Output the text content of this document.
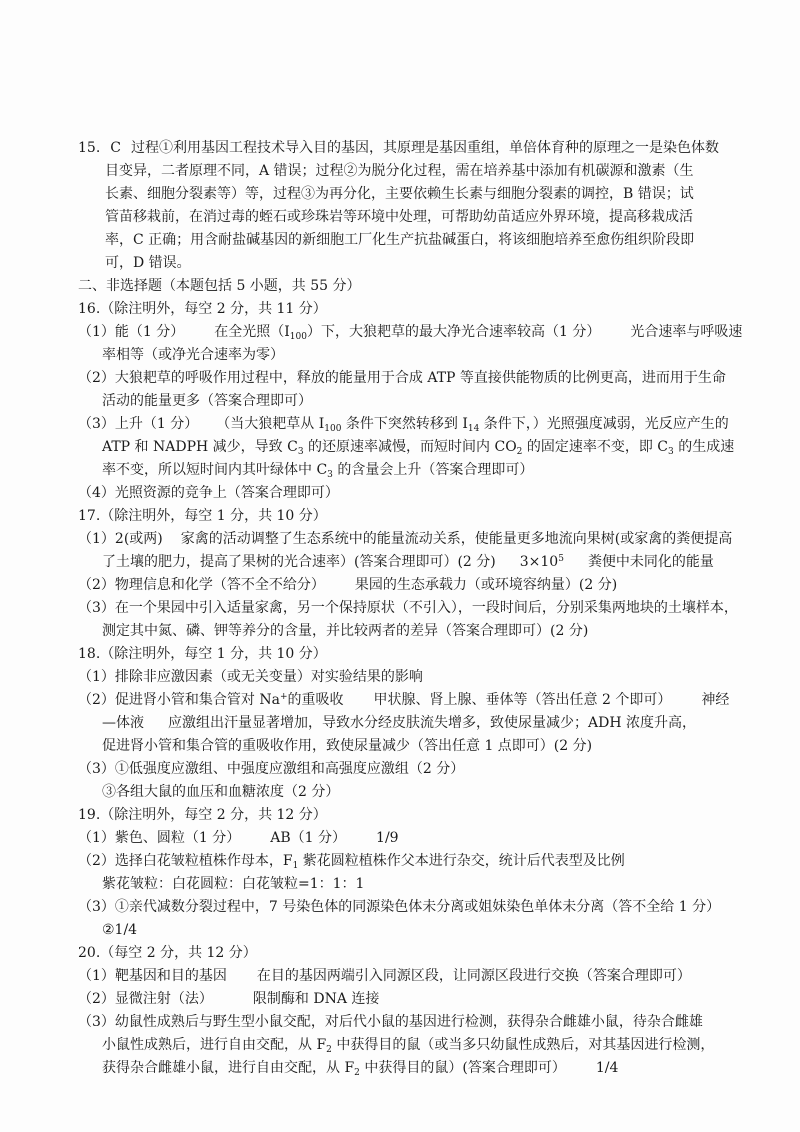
15. C 过程①利用基因工程技术导入目的基因，其原理是基因重组，单倍体育种的原理之一是染色体数
目变异，二者原理不同，A 错误；过程②为脱分化过程，需在培养基中添加有机碳源和激素（生
长素、细胞分裂素等）等，过程③为再分化，主要依赖生长素与细胞分裂素的调控，B 错误；试
管苗移栽前，在消过毒的蛭石或珍珠岩等环境中处理，可帮助幼苗适应外界环境，提高移栽成活
率，C 正确；用含耐盐碱基因的新细胞工厂化生产抗盐碱蛋白，将该细胞培养至愈伤组织阶段即
可，D 错误。
二、非选择题（本题包括 5 小题，共 55 分）
16.（除注明外，每空 2 分，共 11 分）
（1）能（1 分） 在全光照$(I_{100})$下，大狼耙草的最大净光合速率较高（1 分） 光合速率与呼吸速
率相等（或净光合速率为零）
（2）大狼耙草的呼吸作用过程中，释放的能量用于合成 ATP 等直接供能物质的比例更高，进而用于生命
活动的能量更多（答案合理即可）
（3）上升（1 分） （当大狼耙草从 $I_{100}$ 条件下突然转移到 $I_{14}$ 条件下，）光照强度减弱，光反应产生的
ATP 和 NADPH 减少，导致 $C_3$ 的还原速率减慢，而短时间内 $CO_2$ 的固定速率不变，即 $C_3$ 的生成速
率不变，所以短时间内其叶绿体中 $C_3$ 的含量会上升（答案合理即可）
（4）光照资源的竞争上（答案合理即可）
17.（除注明外，每空 1 分，共 10 分）
（1）2(或两) 家禽的活动调整了生态系统中的能量流动关系，使能量更多地流向果树(或家禽的粪便提高
了土壤的肥力，提高了果树的光合速率）(答案合理即可）(2 分) $3\times 10^5$ 粪便中未同化的能量
（2）物理信息和化学（答不全不给分） 果园的生态承载力（或环境容纳量）(2 分)
（3）在一个果园中引入适量家禽，另一个保持原状（不引入），一段时间后，分别采集两地块的土壤样本，
测定其中氮、磷、钾等养分的含量，并比较两者的差异（答案合理即可）(2 分)
18.（除注明外，每空 1 分，共 10 分）
（1）排除非应激因素（或无关变量）对实验结果的影响
（2）促进肾小管和集合管对 Na+的重吸收 甲状腺、肾上腺、垂体等（答出任意 2 个即可） 神经
—体液 应激组出汗量显著增加，导致水分经皮肤流失增多，致使尿量减少；ADH 浓度升高，
促进肾小管和集合管的重吸收作用，致使尿量减少（答出任意 1 点即可）(2 分)
（3）①低强度应激组、中强度应激组和高强度应激组（2 分）
③各组大鼠的血压和血糖浓度（2 分）
19.（除注明外，每空 2 分，共 12 分）
（1）紫色、圆粒（1 分） AB（1 分） 1/9
（2）选择白花皱粒植株作母本，$F_1$ 紫花圆粒植株作父本进行杂交，统计后代表型及比例
紫花皱粒：白花圆粒：白花皱粒=1：1：1
（3）①亲代减数分裂过程中，7 号染色体的同源染色体未分离或姐妹染色单体未分离（答不全给 1 分）
②1/4
20.（每空 2 分，共 12 分）
（1）靶基因和目的基因 在目的基因两端引入同源区段，让同源区段进行交换（答案合理即可）
（2）显微注射（法）	限制酶和 DNA 连接
（3）幼鼠性成熟后与野生型小鼠交配，对后代小鼠的基因进行检测，获得杂合雌雄小鼠，待杂合雌雄
小鼠性成熟后，进行自由交配，从 $F_2$ 中获得目的鼠（或当多只幼鼠性成熟后，对其基因进行检测，
获得杂合雌雄小鼠，进行自由交配，从 $F_2$ 中获得目的鼠）(答案合理即可） 1/4
